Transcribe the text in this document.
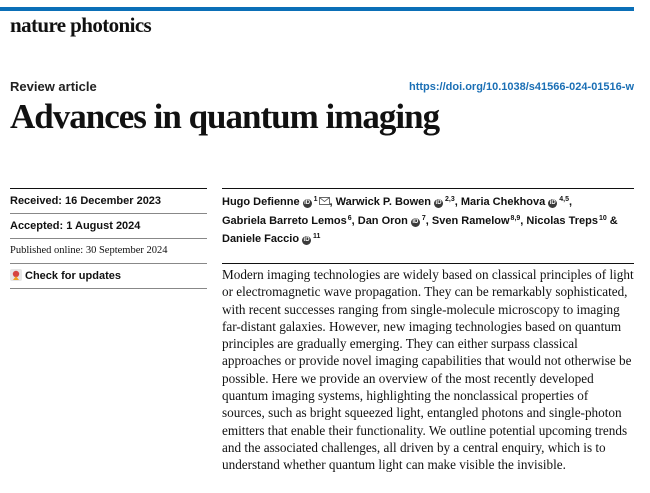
nature photonics
Review article	https://doi.org/10.1038/s41566-024-01516-w
Advances in quantum imaging
Received: 16 December 2023
Accepted: 1 August 2024
Published online: 30 September 2024
Check for updates
Hugo Defienne iD $^1$ , Warwick P. Bowen iD $^{2,3}$, Maria Chekhova iD $^{4,5}$, Gabriela Barreto Lemos$^6$, Dan Oron iD $^7$, Sven Ramelow$^{8,9}$, Nicolas Treps$^{10}$ & Daniele Faccio iD $^{11}$

Modern imaging technologies are widely based on classical principles of light or electromagnetic wave propagation. They can be remarkably sophisticated, with recent successes ranging from single-molecule microscopy to imaging far-distant galaxies. However, new imaging technologies based on quantum principles are gradually emerging. They can either surpass classical approaches or provide novel imaging capabilities that would not otherwise be possible. Here we provide an overview of the most recently developed quantum imaging systems, highlighting the nonclassical properties of sources, such as bright squeezed light, entangled photons and single-photon emitters that enable their functionality. We outline potential upcoming trends and the associated challenges, all driven by a central enquiry, which is to understand whether quantum light can make visible the invisible.
